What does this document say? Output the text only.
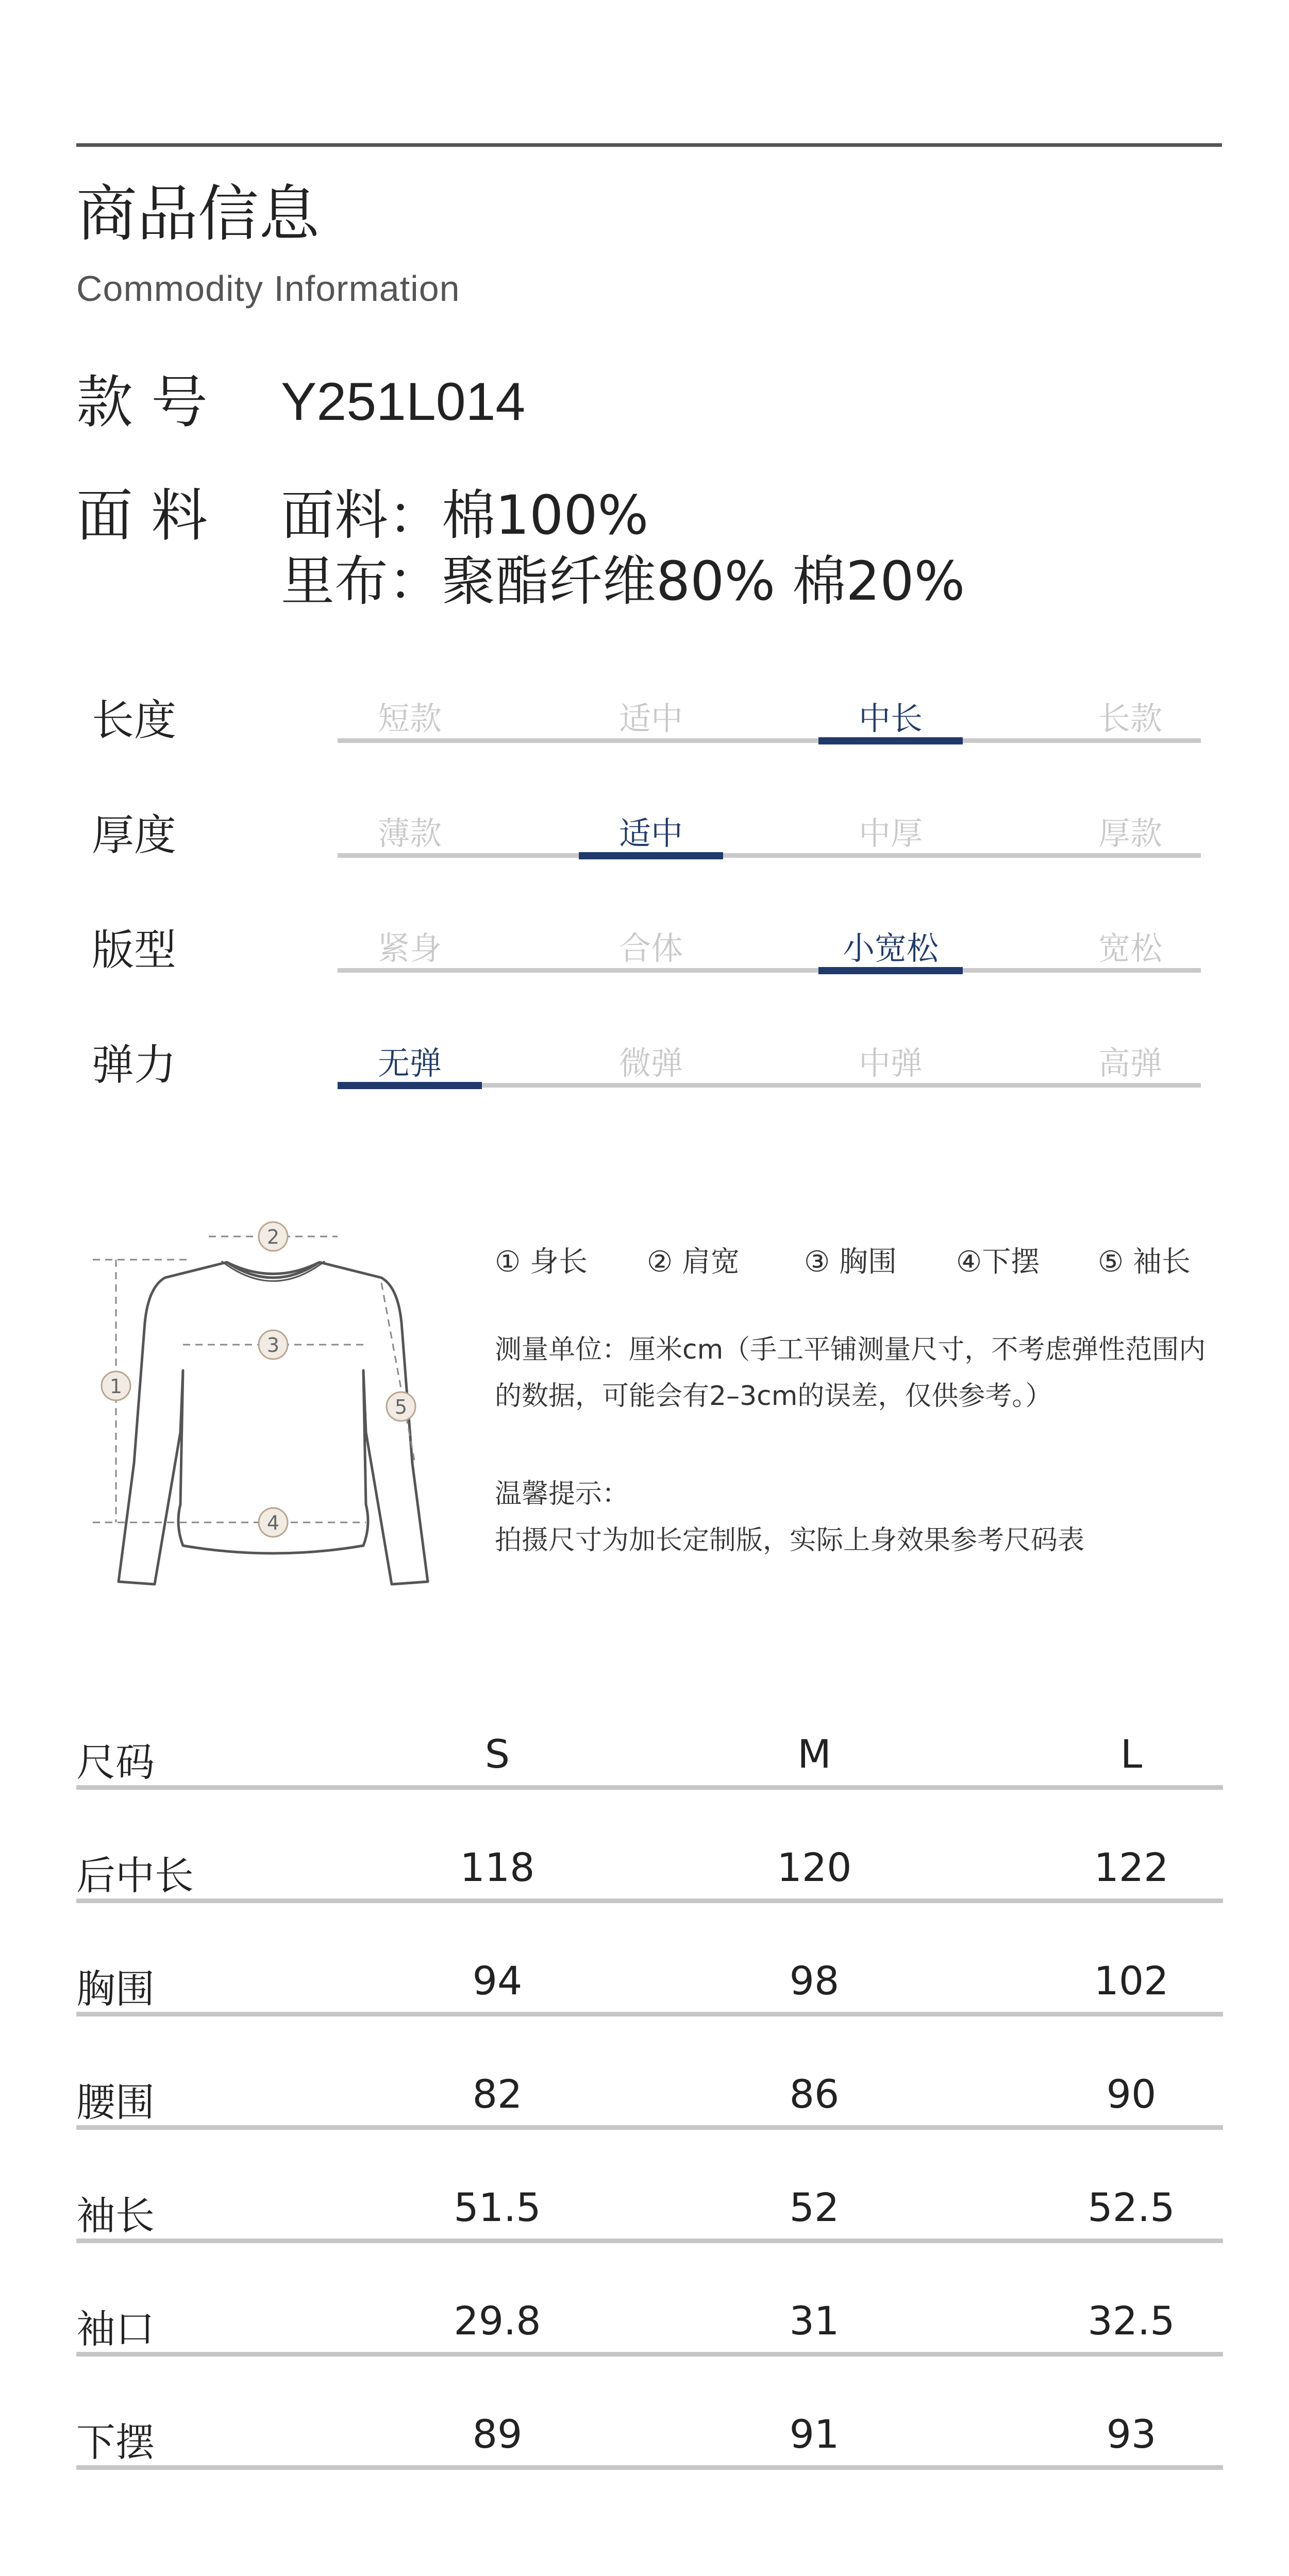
商品信息
Commodity Information
款 号 Y251L014
面 料 面料：棉100%
里布：聚酯纤维80% 棉20%
长度	短款	适中	中长	长款
厚度	薄款	适中	中厚	厚款
版型	紧身	合体	小宽松	宽松
弹力	无弹	微弹	中弹	高弹
1
2
3
4
5
① 身长 ② 肩宽 ③ 胸围 ④下摆 ⑤ 袖长
测量单位：厘米cm（手工平铺测量尺寸，不考虑弹性范围内
的数据，可能会有2–3cm的误差，仅供参考。）
温馨提示：
拍摄尺寸为加长定制版，实际上身效果参考尺码表
尺码	S	M	L
后中长	118	120	122
胸围	94	98	102
腰围	82	86	90
袖长	51.5	52	52.5
袖口	29.8	31	32.5
下摆	89	91	93
